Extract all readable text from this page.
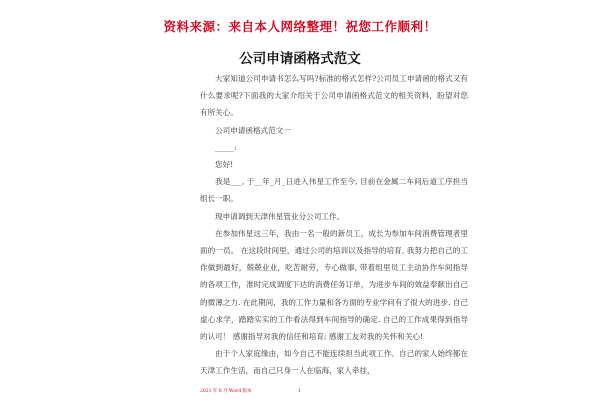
资料来源：来自本人网络整理！祝您工作顺利！
公司申请函格式范文

大家知道公司申请书怎么写吗?标准的格式怎样?公司员工申请函的格式又有什么要求呢?下面我的大家介绍关于公司申请函格式范文的相关资料，盼望对您有所关心。

公司申请函格式范文一

_____:

您好!

我是___, 于__年_月_日进入伟星工作至今, 目前在金属二车间后道工序担当组长一职。

现申请调到天津伟星管业分公司工作。

在参加伟星这三年，我由一名一般的新员工，成长为参加车间消费管理者里面的一员。 在这段时间里，通过公司的培训以及指导的培育, 我努力把自己的工作做到最好，兢兢业业，吃苦耐劳，专心做事, 带着组里员工主动协作车间指导的各项工作，准时完成调度下达的消费任务订单，为进步车间的效益奉献出自己的微薄之力. 在此期间，我的工作力量和各方面的专业学问有了很大的进步. 自己虚心求学，踏踏实实的工作看法得到车间指导的确定. 自己的工作成果得到指导的认可！ 感谢指导对我的信任和培育; 感谢工友对我的关怀和关心!

由于个人家庭缘由，如今自己不能连续担当此项工作。自己的家人始终都在天津工作生活，而自己只身一人在临海，家人牵挂，

2021 年 8 月 Word 版本	1
